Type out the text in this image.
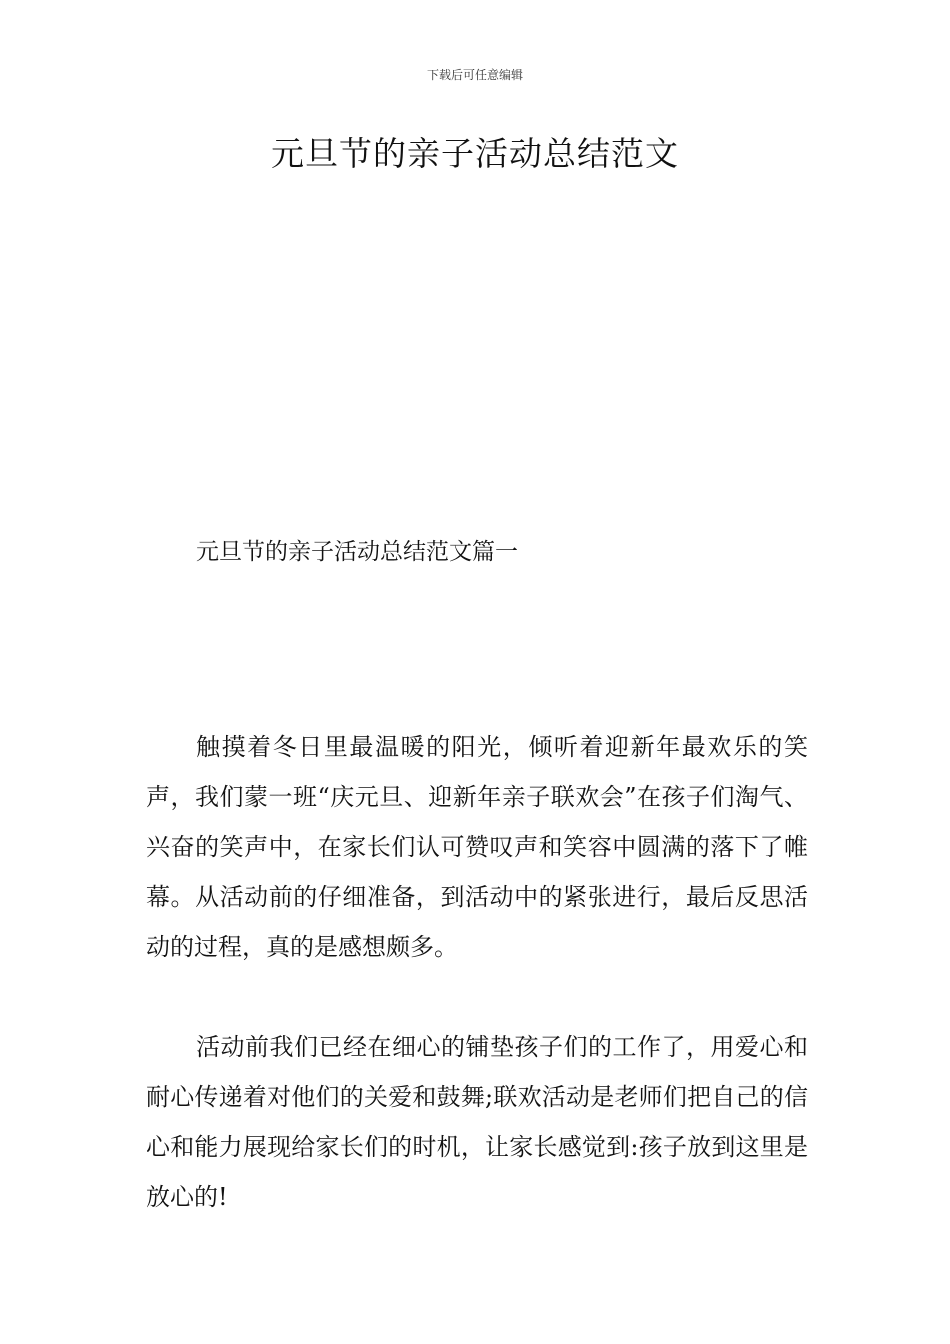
下载后可任意编辑
元旦节的亲子活动总结范文
元旦节的亲子活动总结范文篇一

触摸着冬日里最温暖的阳光，倾听着迎新年最欢乐的笑声，我们蒙一班“庆元旦、迎新年亲子联欢会”在孩子们淘气、兴奋的笑声中，在家长们认可赞叹声和笑容中圆满的落下了帷幕。从活动前的仔细准备，到活动中的紧张进行，最后反思活动的过程，真的是感想颇多。

活动前我们已经在细心的铺垫孩子们的工作了，用爱心和耐心传递着对他们的关爱和鼓舞;联欢活动是老师们把自己的信心和能力展现给家长们的时机，让家长感觉到:孩子放到这里是放心的!
